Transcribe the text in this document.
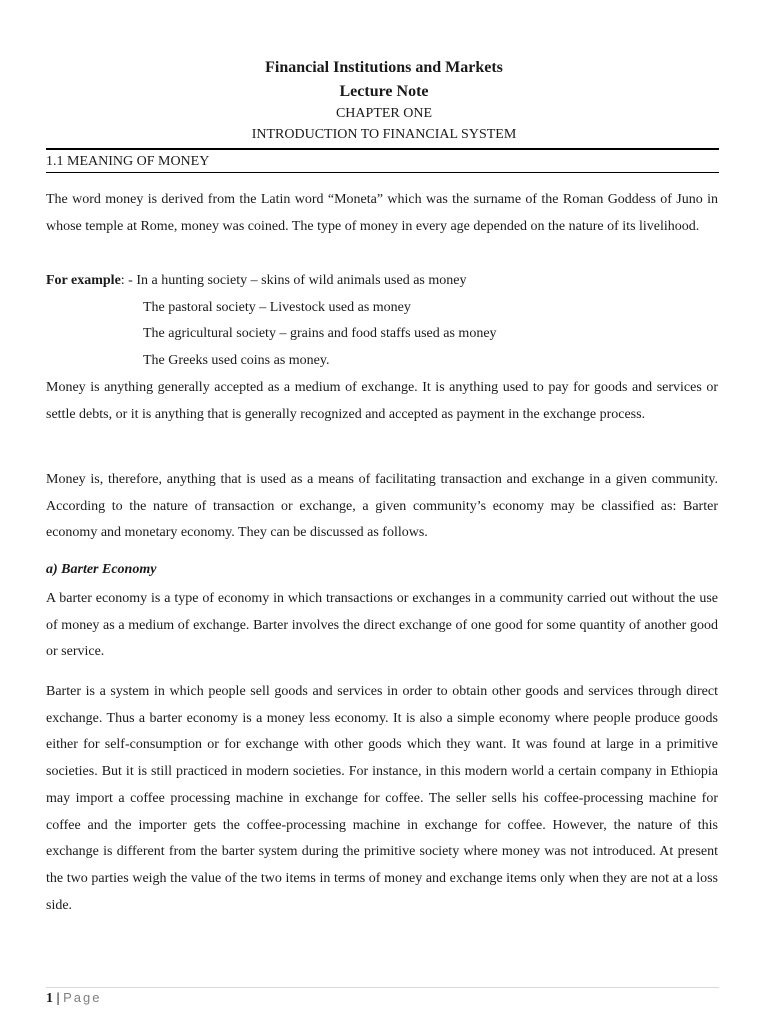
Financial Institutions and Markets
Lecture Note
CHAPTER ONE
INTRODUCTION TO FINANCIAL SYSTEM
1.1 MEANING OF MONEY

The word money is derived from the Latin word “Moneta” which was the surname of the Roman Goddess of Juno in whose temple at Rome, money was coined. The type of money in every age depended on the nature of its livelihood.

For example: - In a hunting society – skins of wild animals used as money
The pastoral society – Livestock used as money
The agricultural society – grains and food staffs used as money
The Greeks used coins as money.

Money is anything generally accepted as a medium of exchange. It is anything used to pay for goods and services or settle debts, or it is anything that is generally recognized and accepted as payment in the exchange process.

Money is, therefore, anything that is used as a means of facilitating transaction and exchange in a given community. According to the nature of transaction or exchange, a given community’s economy may be classified as: Barter economy and monetary economy. They can be discussed as follows.

a) Barter Economy

A barter economy is a type of economy in which transactions or exchanges in a community carried out without the use of money as a medium of exchange. Barter involves the direct exchange of one good for some quantity of another good or service.

Barter is a system in which people sell goods and services in order to obtain other goods and services through direct exchange. Thus a barter economy is a money less economy. It is also a simple economy where people produce goods either for self-consumption or for exchange with other goods which they want. It was found at large in a primitive societies. But it is still practiced in modern societies. For instance, in this modern world a certain company in Ethiopia may import a coffee processing machine in exchange for coffee. The seller sells his coffee-processing machine for coffee and the importer gets the coffee-processing machine in exchange for coffee. However, the nature of this exchange is different from the barter system during the primitive society where money was not introduced. At present the two parties weigh the value of the two items in terms of money and exchange items only when they are not at a loss side.

1 | Page
